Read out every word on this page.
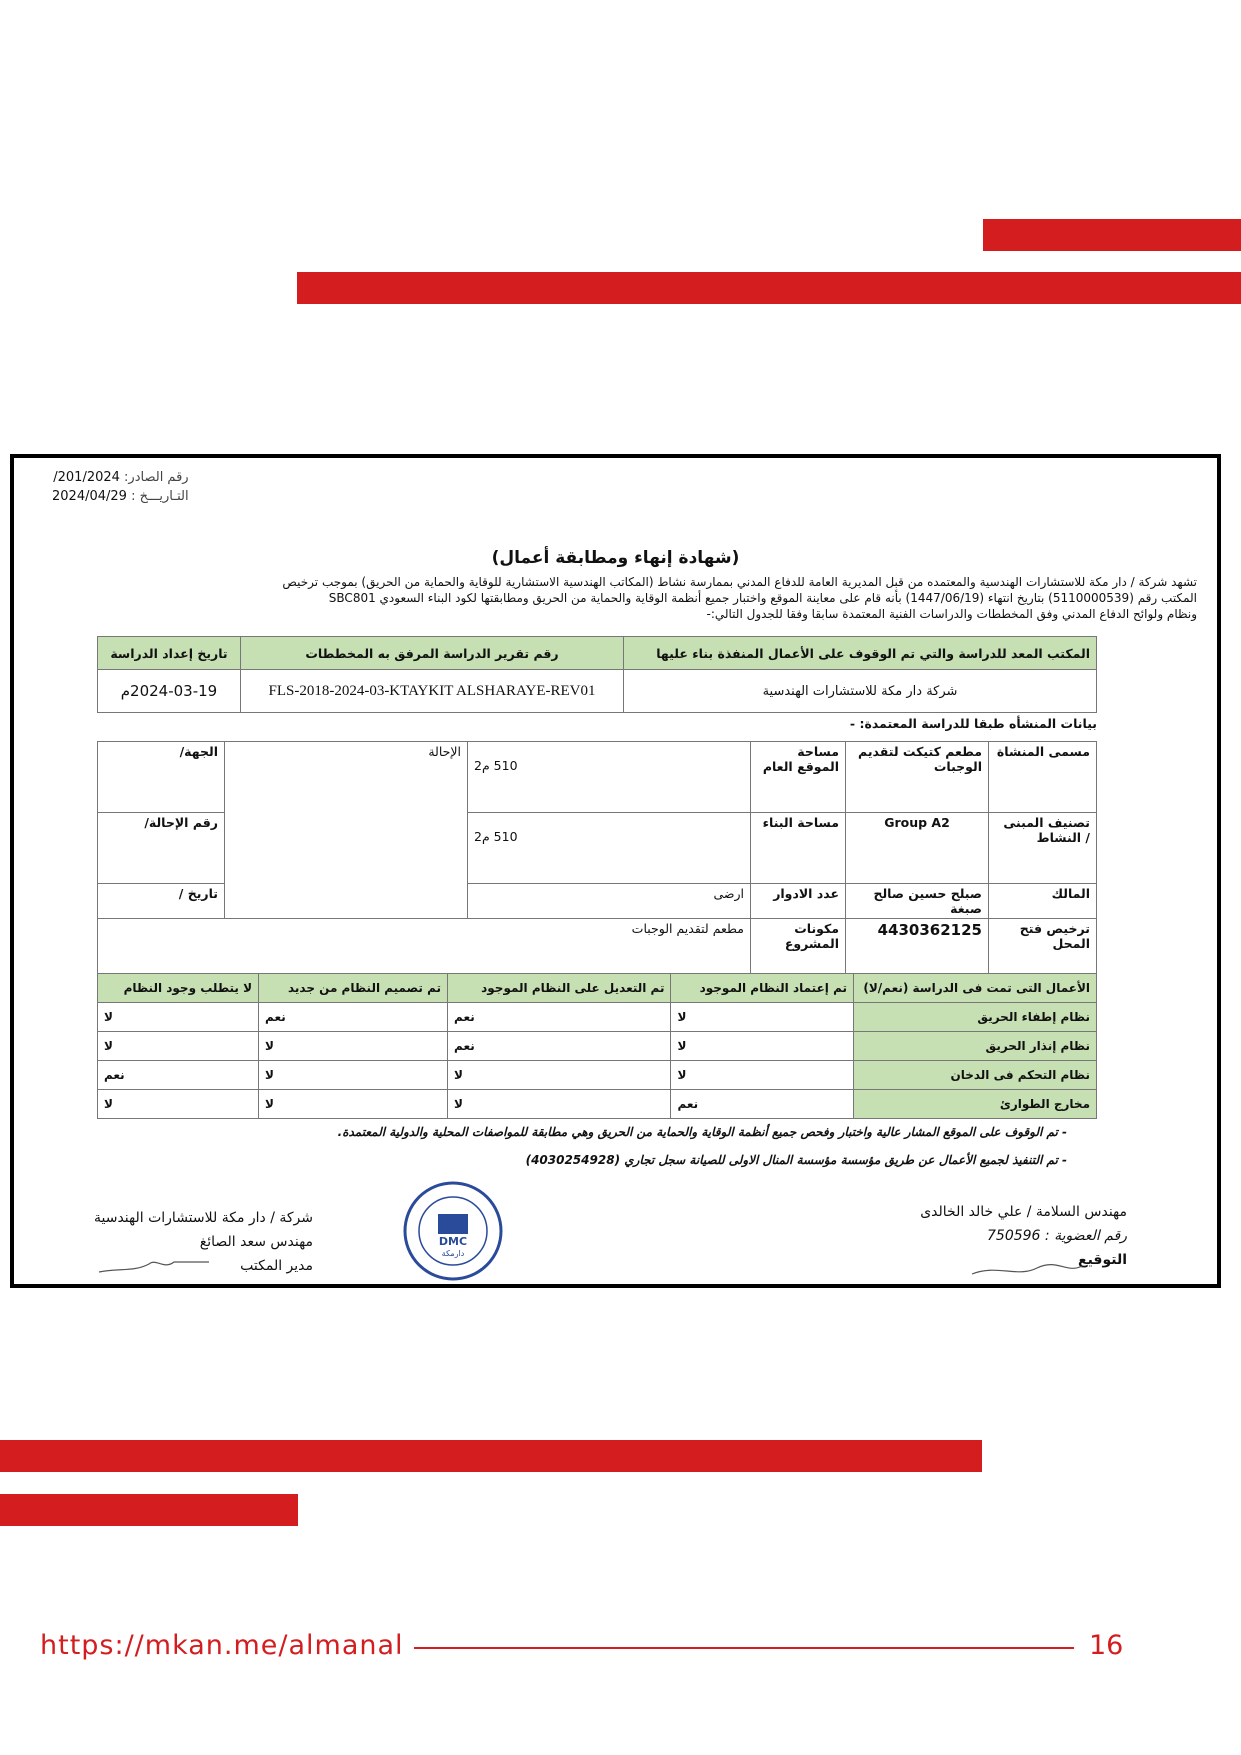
رقم الصادر: 201/2024/
التـاريـــخ : 2024/04/29
(شهادة إنهاء ومطابقة أعمال)

تشهد شركة / دار مكة للاستشارات الهندسية والمعتمده من قبل المديرية العامة للدفاع المدني بممارسة نشاط (المكاتب الهندسية الاستشارية للوقاية والحماية من الحريق) بموجب ترخيص

المكتب رقم (5110000539) بتاريخ انتهاء (1447/06/19) بأنه قام على معاينة الموقع واختبار جميع أنظمة الوقاية والحماية من الحريق ومطابقتها لكود البناء السعودي SBC801

ونظام ولوائح الدفاع المدني وفق المخططات والدراسات الفنية المعتمدة سابقا وفقا للجدول التالي:-

المكتب المعد للدراسة والتي تم الوقوف على الأعمال المنفذة بناء عليها	رقم تقرير الدراسة المرفق به المخططات	تاريخ إعداد الدراسة
شركة دار مكة للاستشارات الهندسية	FLS-2018-2024-03-KTAYKIT ALSHARAYE-REV01	2024-03-19م
بيانات المنشأه طبقا للدراسة المعتمدة: -
مسمى المنشاة	مطعم كتيكت لتقديم الوجبات	مساحة الموقع العام	510 م2	الإحالة	الجهة/
تصنيف المبنى / النشاط	Group A2	مساحة البناء	510 م2		رقم الإحالة/
المالك	صبلح حسين صالح صبغة	عدد الادوار	ارضى		تاريخ /
ترخيص فتح المحل	4430362125	مكونات المشروع	مطعم لتقديم الوجبات		
الأعمال التى تمت فى الدراسة (نعم/لا)	تم إعتماد النظام الموجود	تم التعديل على النظام الموجود	تم تصميم النظام من جديد	لا يتطلب وجود النظام
نظام إطفاء الحريق	لا	نعم	نعم	لا
نظام إنذار الحريق	لا	نعم	لا	لا
نظام التحكم فى الدخان	لا	لا	لا	نعم
مخارج الطوارئ	نعم	لا	لا	لا
- تم الوقوف على الموقع المشار عالية واختبار وفحص جميع أنظمة الوقاية والحماية من الحريق وهي مطابقة للمواصفات المحلية والدولية المعتمدة.
- تم التنفيذ لجميع الأعمال عن طريق مؤسسة مؤسسة المنال الاولى للصيانة سجل تجاري (4030254928)
مهندس السلامة / علي خالد الخالدى
رقم العضوية : 750596
التوقيع
DMC
دارمكة
شركة / دار مكة للاستشارات الهندسية
مهندس سعد الصائغ
مدير المكتب
https://mkan.me/almanal	16
